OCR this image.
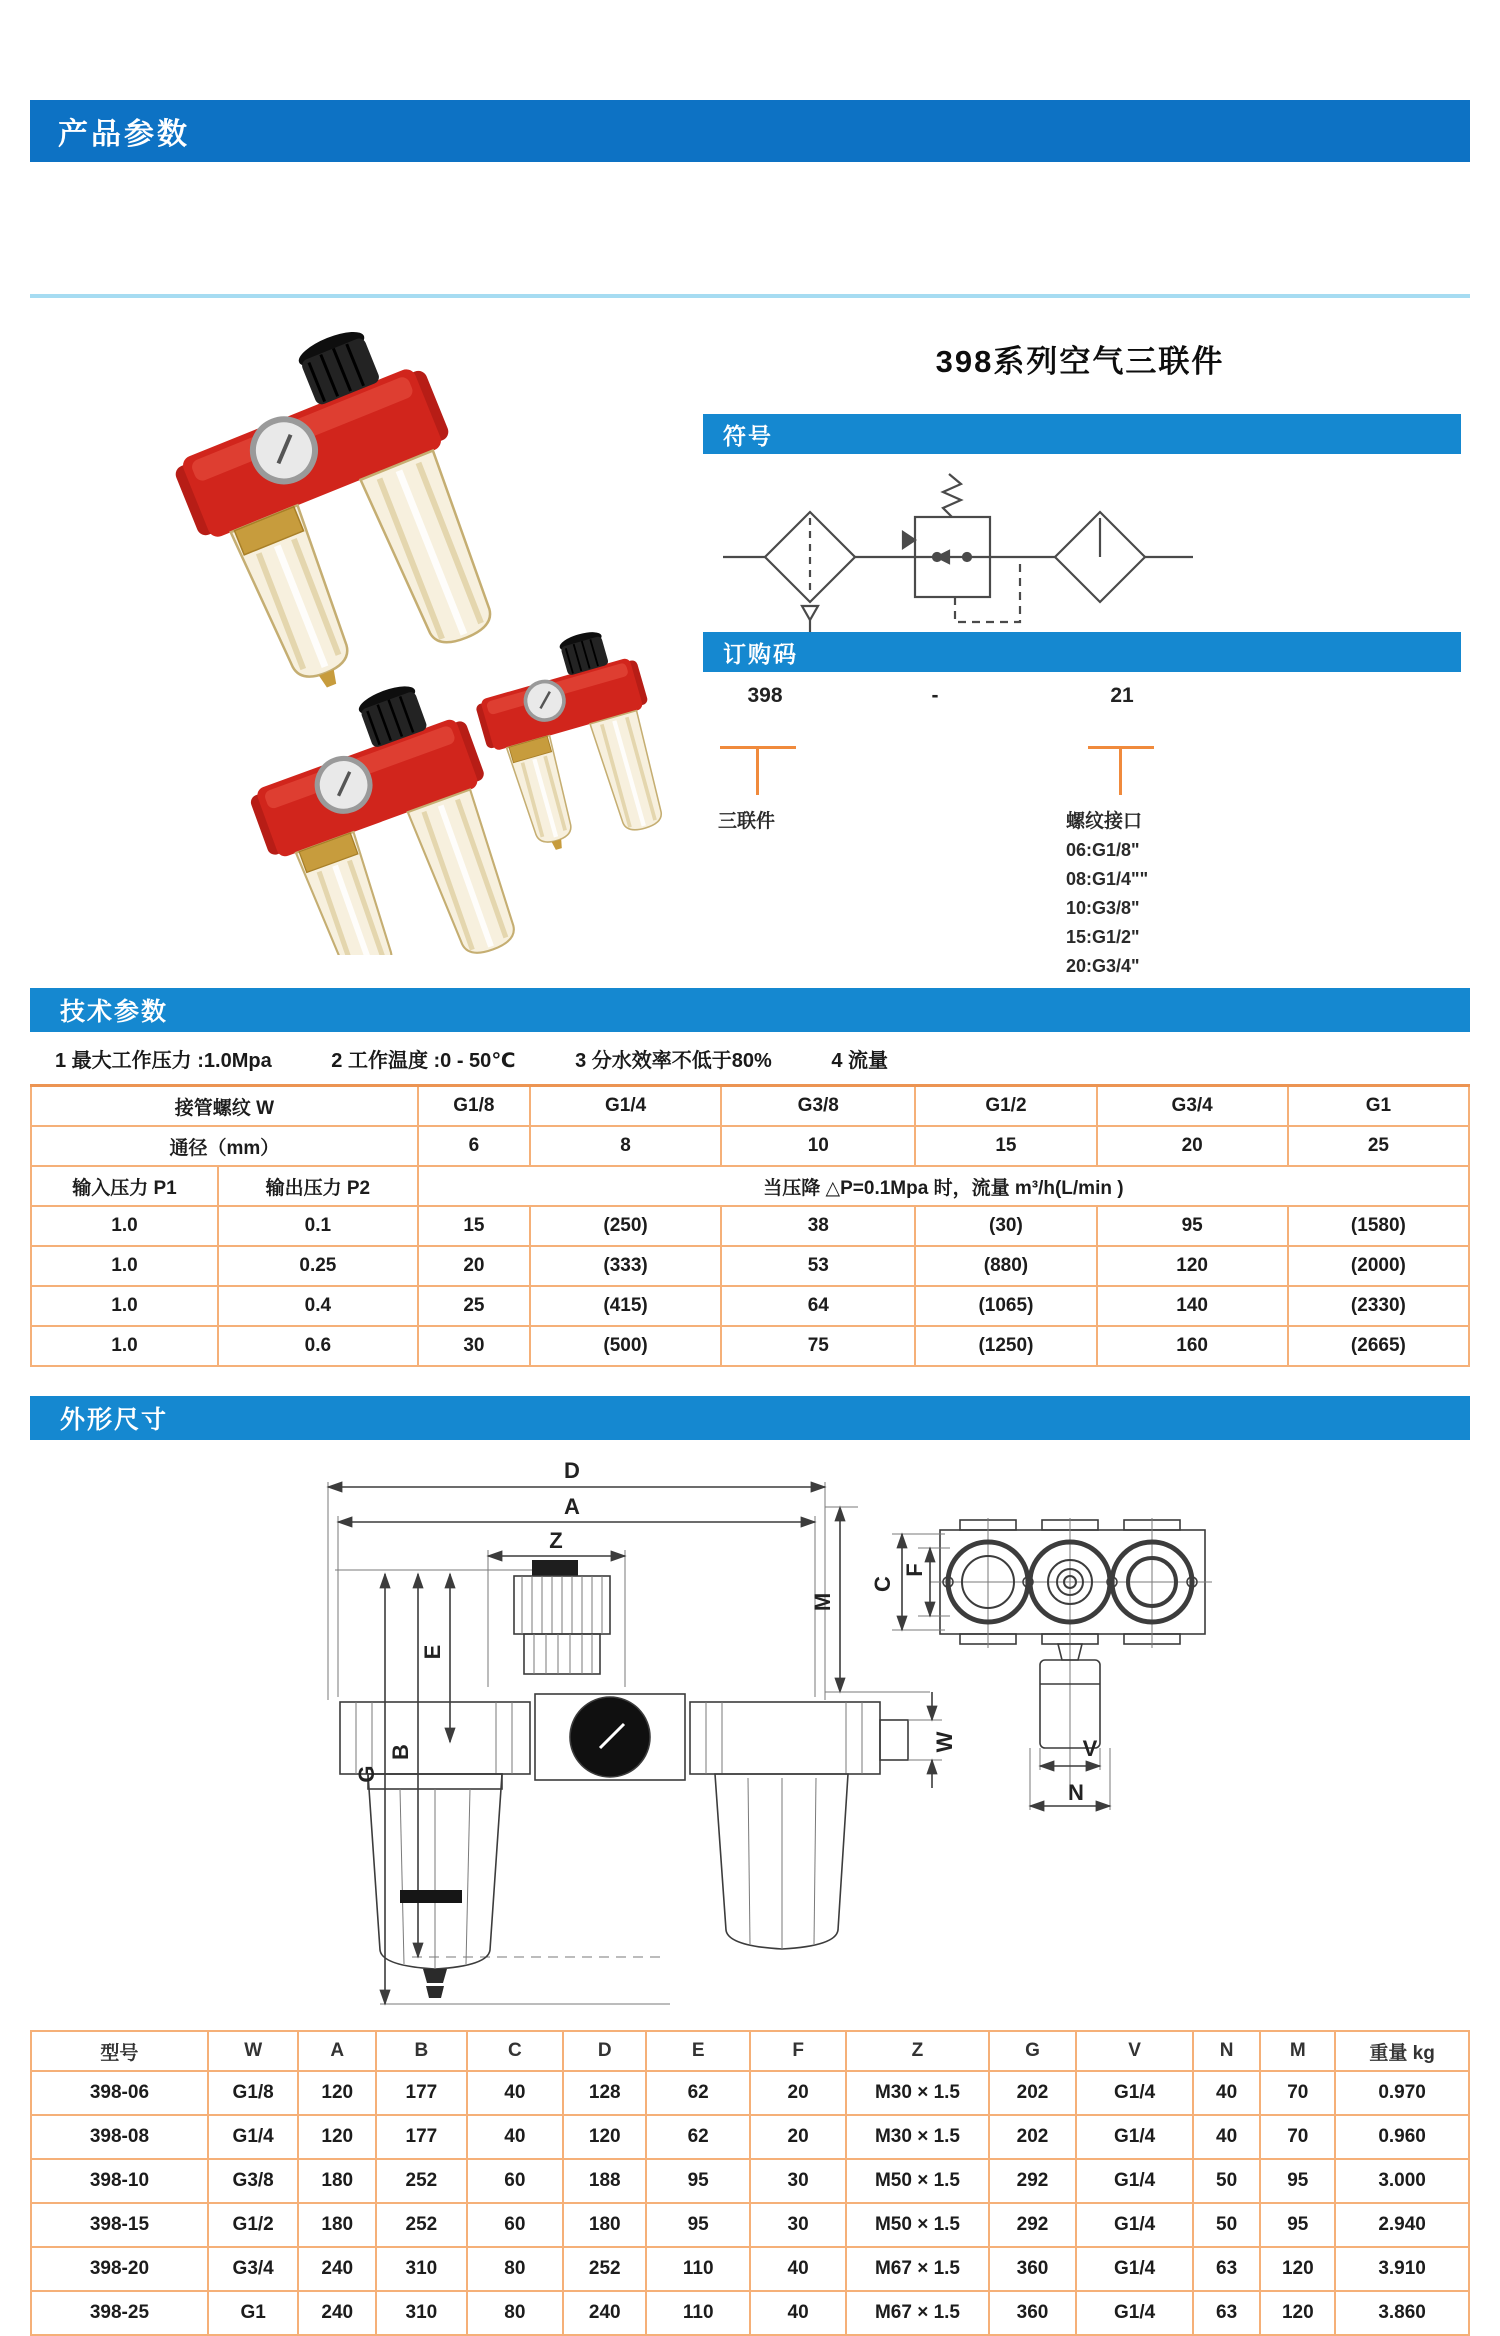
产品参数
398系列空气三联件
符号
订购码
398	-	21
三联件	螺纹接口
06:G1/8"
08:G1/4""
10:G3/8"
15:G1/2"
20:G3/4"
技术参数
1 最大工作压力 :1.0Mpa	2 工作温度 :0 - 50℃	3 分水效率不低于80%	4 流量
接管螺纹 W		G1/8	G1/4	G3/8	G1/2	G3/4	G1
通径（mm）		6	8	10	15	20	25
输入压力 P1	输出压力 P2	当压降 △P=0.1Mpa 时，流量 m³/h(L/min )					
1.0	0.1	15	(250)	38	(30)	95	(1580)
1.0	0.25	20	(333)	53	(880)	120	(2000)
1.0	0.4	25	(415)	64	(1065)	140	(2330)
1.0	0.6	30	(500)	75	(1250)	160	(2665)
外形尺寸
D
A
Z
E
B
G
M
C
F
W	V
N
型号	W	A	B	C	D	E	F	Z	G	V	N	M	重量 kg
398-06	G1/8	120	177	40	128	62	20	M30 × 1.5	202	G1/4	40	70	0.970
398-08	G1/4	120	177	40	120	62	20	M30 × 1.5	202	G1/4	40	70	0.960
398-10	G3/8	180	252	60	188	95	30	M50 × 1.5	292	G1/4	50	95	3.000
398-15	G1/2	180	252	60	180	95	30	M50 × 1.5	292	G1/4	50	95	2.940
398-20	G3/4	240	310	80	252	110	40	M67 × 1.5	360	G1/4	63	120	3.910
398-25	G1	240	310	80	240	110	40	M67 × 1.5	360	G1/4	63	120	3.860
